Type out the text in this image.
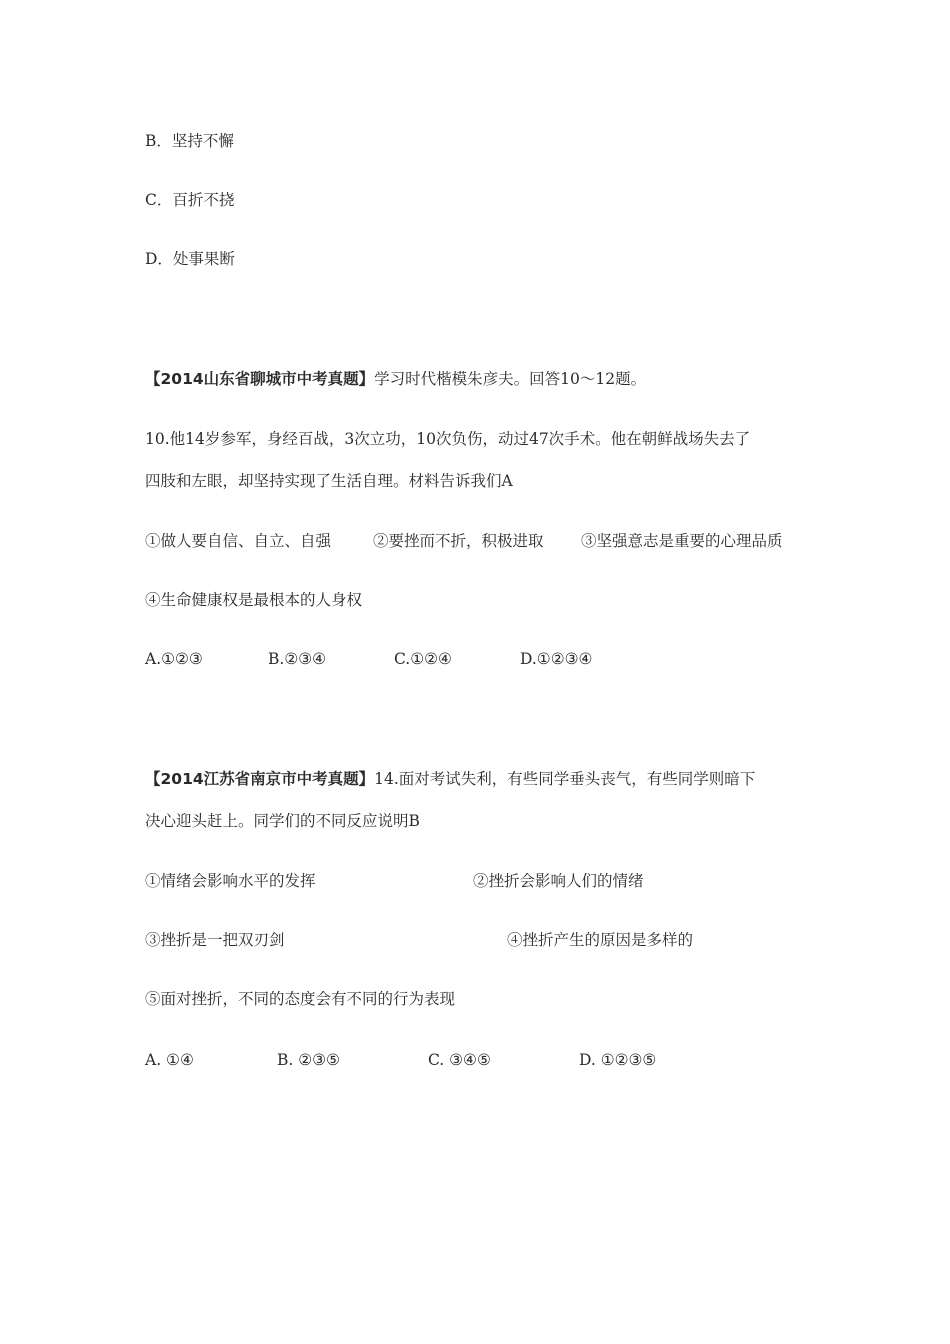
B．坚持不懈
C．百折不挠
D．处事果断
【2014山东省聊城市中考真题】学习时代楷模朱彦夫。回答10～12题。
10.他14岁参军，身经百战，3次立功，10次负伤，动过47次手术。他在朝鲜战场失去了
四肢和左眼，却坚持实现了生活自理。材料告诉我们A
①做人要自信、自立、自强	②要挫而不折，积极进取 ③坚强意志是重要的心理品质
④生命健康权是最根本的人身权
A.①②③	B.②③④	C.①②④	D.①②③④
【2014江苏省南京市中考真题】14.面对考试失利，有些同学垂头丧气，有些同学则暗下
决心迎头赶上。同学们的不同反应说明B
①情绪会影响水平的发挥	②挫折会影响人们的情绪
③挫折是一把双刃剑	④挫折产生的原因是多样的
⑤面对挫折，不同的态度会有不同的行为表现
A. ①④	B. ②③⑤	C. ③④⑤	D. ①②③⑤
